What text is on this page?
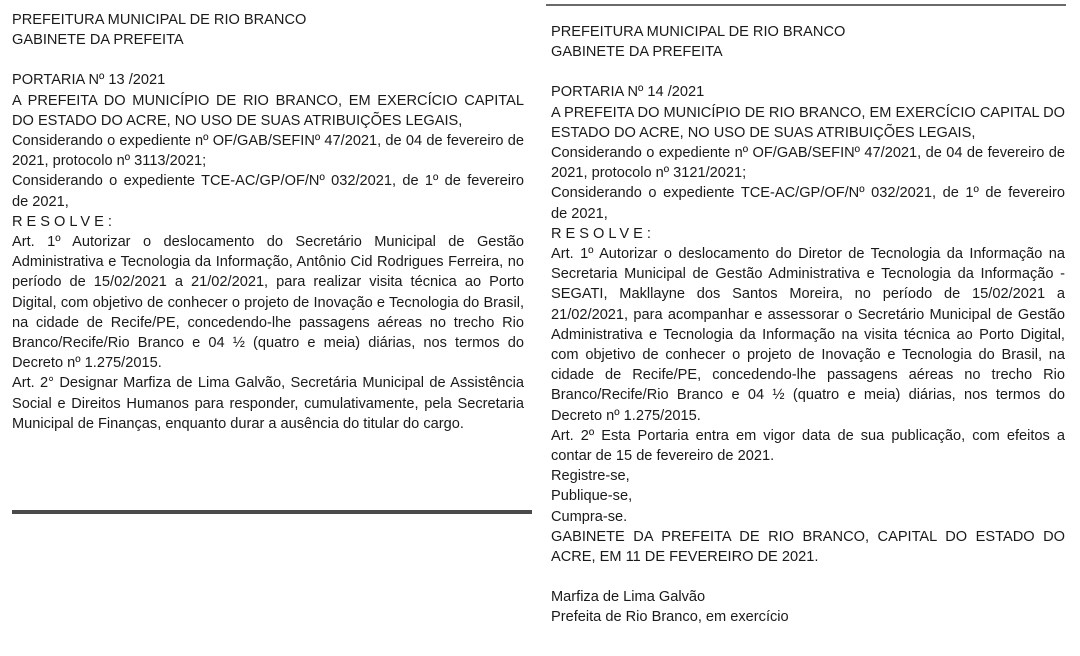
PREFEITURA MUNICIPAL DE RIO BRANCO

GABINETE DA PREFEITA

PORTARIA Nº 13 /2021

A PREFEITA DO MUNICÍPIO DE RIO BRANCO, EM EXERCÍCIO CAPITAL DO ESTADO DO ACRE, NO USO DE SUAS ATRIBUIÇÕES LEGAIS,

Considerando o expediente nº OF/GAB/SEFINº 47/2021, de 04 de fevereiro de 2021, protocolo nº 3113/2021;

Considerando o expediente TCE-AC/GP/OF/Nº 032/2021, de 1º de fevereiro de 2021,

RESOLVE:

Art. 1º Autorizar o deslocamento do Secretário Municipal de Gestão Administrativa e Tecnologia da Informação, Antônio Cid Rodrigues Ferreira, no período de 15/02/2021 a 21/02/2021, para realizar visita técnica ao Porto Digital, com objetivo de conhecer o projeto de Inovação e Tecnologia do Brasil, na cidade de Recife/PE, concedendo-lhe passagens aéreas no trecho Rio Branco/Recife/Rio Branco e 04 ½ (quatro e meia) diárias, nos termos do Decreto nº 1.275/2015.

Art. 2° Designar Marfiza de Lima Galvão, Secretária Municipal de Assistência Social e Direitos Humanos para responder, cumulativamente, pela Secretaria Municipal de Finanças, enquanto durar a ausência do titular do cargo.

PREFEITURA MUNICIPAL DE RIO BRANCO

GABINETE DA PREFEITA

PORTARIA Nº 14 /2021

A PREFEITA DO MUNICÍPIO DE RIO BRANCO, EM EXERCÍCIO CAPITAL DO ESTADO DO ACRE, NO USO DE SUAS ATRIBUIÇÕES LEGAIS,

Considerando o expediente nº OF/GAB/SEFINº 47/2021, de 04 de fevereiro de 2021, protocolo nº 3121/2021;

Considerando o expediente TCE-AC/GP/OF/Nº 032/2021, de 1º de fevereiro de 2021,

RESOLVE:

Art. 1º Autorizar o deslocamento do Diretor de Tecnologia da Informação na Secretaria Municipal de Gestão Administrativa e Tecnologia da Informação - SEGATI, Makllayne dos Santos Moreira, no período de 15/02/2021 a 21/02/2021, para acompanhar e assessorar o Secretário Municipal de Gestão Administrativa e Tecnologia da Informação na visita técnica ao Porto Digital, com objetivo de conhecer o projeto de Inovação e Tecnologia do Brasil, na cidade de Recife/PE, concedendo-lhe passagens aéreas no trecho Rio Branco/Recife/Rio Branco e 04 ½ (quatro e meia) diárias, nos termos do Decreto nº 1.275/2015.

Art. 2º Esta Portaria entra em vigor data de sua publicação, com efeitos a contar de 15 de fevereiro de 2021.

Registre-se,

Publique-se,

Cumpra-se.

GABINETE DA PREFEITA DE RIO BRANCO, CAPITAL DO ESTADO DO ACRE, EM 11 DE FEVEREIRO DE 2021.

Marfiza de Lima Galvão

Prefeita de Rio Branco, em exercício
